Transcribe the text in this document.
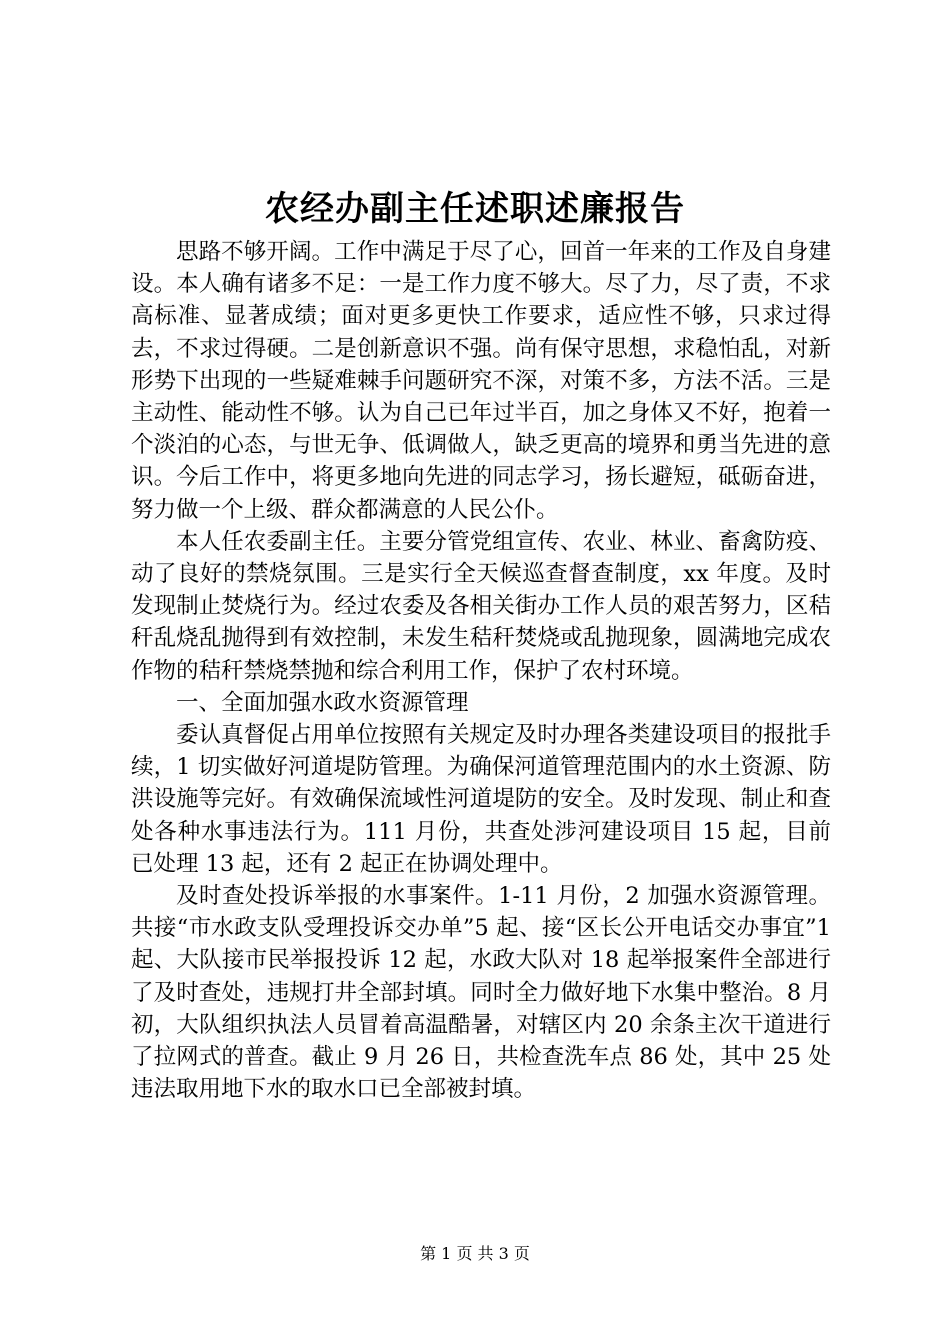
农经办副主任述职述廉报告

思路不够开阔。工作中满足于尽了心，回首一年来的工作及自身建设。本人确有诸多不足：一是工作力度不够大。尽了力，尽了责，不求高标准、显著成绩；面对更多更快工作要求，适应性不够，只求过得去，不求过得硬。二是创新意识不强。尚有保守思想，求稳怕乱，对新形势下出现的一些疑难棘手问题研究不深，对策不多，方法不活。三是主动性、能动性不够。认为自己已年过半百，加之身体又不好，抱着一个淡泊的心态，与世无争、低调做人，缺乏更高的境界和勇当先进的意识。今后工作中，将更多地向先进的同志学习，扬长避短，砥砺奋进，努力做一个上级、群众都满意的人民公仆。

本人任农委副主任。主要分管党组宣传、农业、林业、畜禽防疫、动了良好的禁烧氛围。三是实行全天候巡查督查制度，xx 年度。及时发现制止焚烧行为。经过农委及各相关街办工作人员的艰苦努力，区秸秆乱烧乱抛得到有效控制，未发生秸秆焚烧或乱抛现象，圆满地完成农作物的秸秆禁烧禁抛和综合利用工作，保护了农村环境。

一、全面加强水政水资源管理

委认真督促占用单位按照有关规定及时办理各类建设项目的报批手续，1 切实做好河道堤防管理。为确保河道管理范围内的水土资源、防洪设施等完好。有效确保流域性河道堤防的安全。及时发现、制止和查处各种水事违法行为。111 月份，共查处涉河建设项目 15 起，目前已处理 13 起，还有 2 起正在协调处理中。

及时查处投诉举报的水事案件。1-11 月份，2 加强水资源管理。共接“市水政支队受理投诉交办单”5 起、接“区长公开电话交办事宜”1 起、大队接市民举报投诉 12 起，水政大队对 18 起举报案件全部进行了及时查处，违规打井全部封填。同时全力做好地下水集中整治。8 月初，大队组织执法人员冒着高温酷暑，对辖区内 20 余条主次干道进行了拉网式的普查。截止 9 月 26 日，共检查洗车点 86 处，其中 25 处违法取用地下水的取水口已全部被封填。

第 1 页 共 3 页
